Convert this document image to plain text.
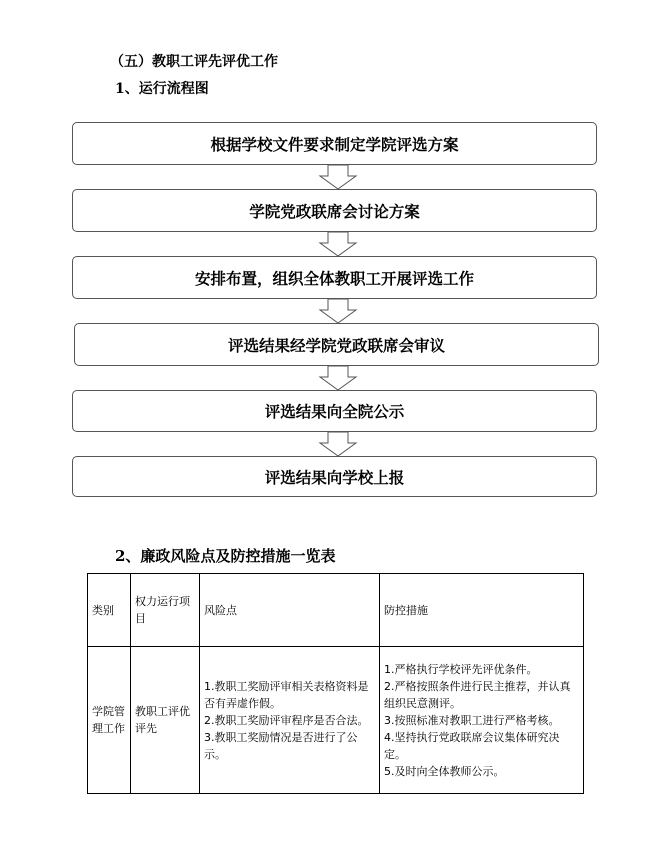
（五）教职工评先评优工作
1、运行流程图
根据学校文件要求制定学院评选方案
学院党政联席会讨论方案
安排布置，组织全体教职工开展评选工作
评选结果经学院党政联席会审议
评选结果向全院公示
评选结果向学校上报
2、廉政风险点及防控措施一览表
类别	权力运行项目	风险点	防控措施
学院管理工作	教职工评优评先	1.教职工奖励评审相关表格资料是否有弄虚作假。
2.教职工奖励评审程序是否合法。
3.教职工奖励情况是否进行了公示。	1.严格执行学校评先评优条件。
2.严格按照条件进行民主推荐，并认真组织民意测评。
3.按照标准对教职工进行严格考核。
4.坚持执行党政联席会议集体研究决定。
5.及时向全体教师公示。
